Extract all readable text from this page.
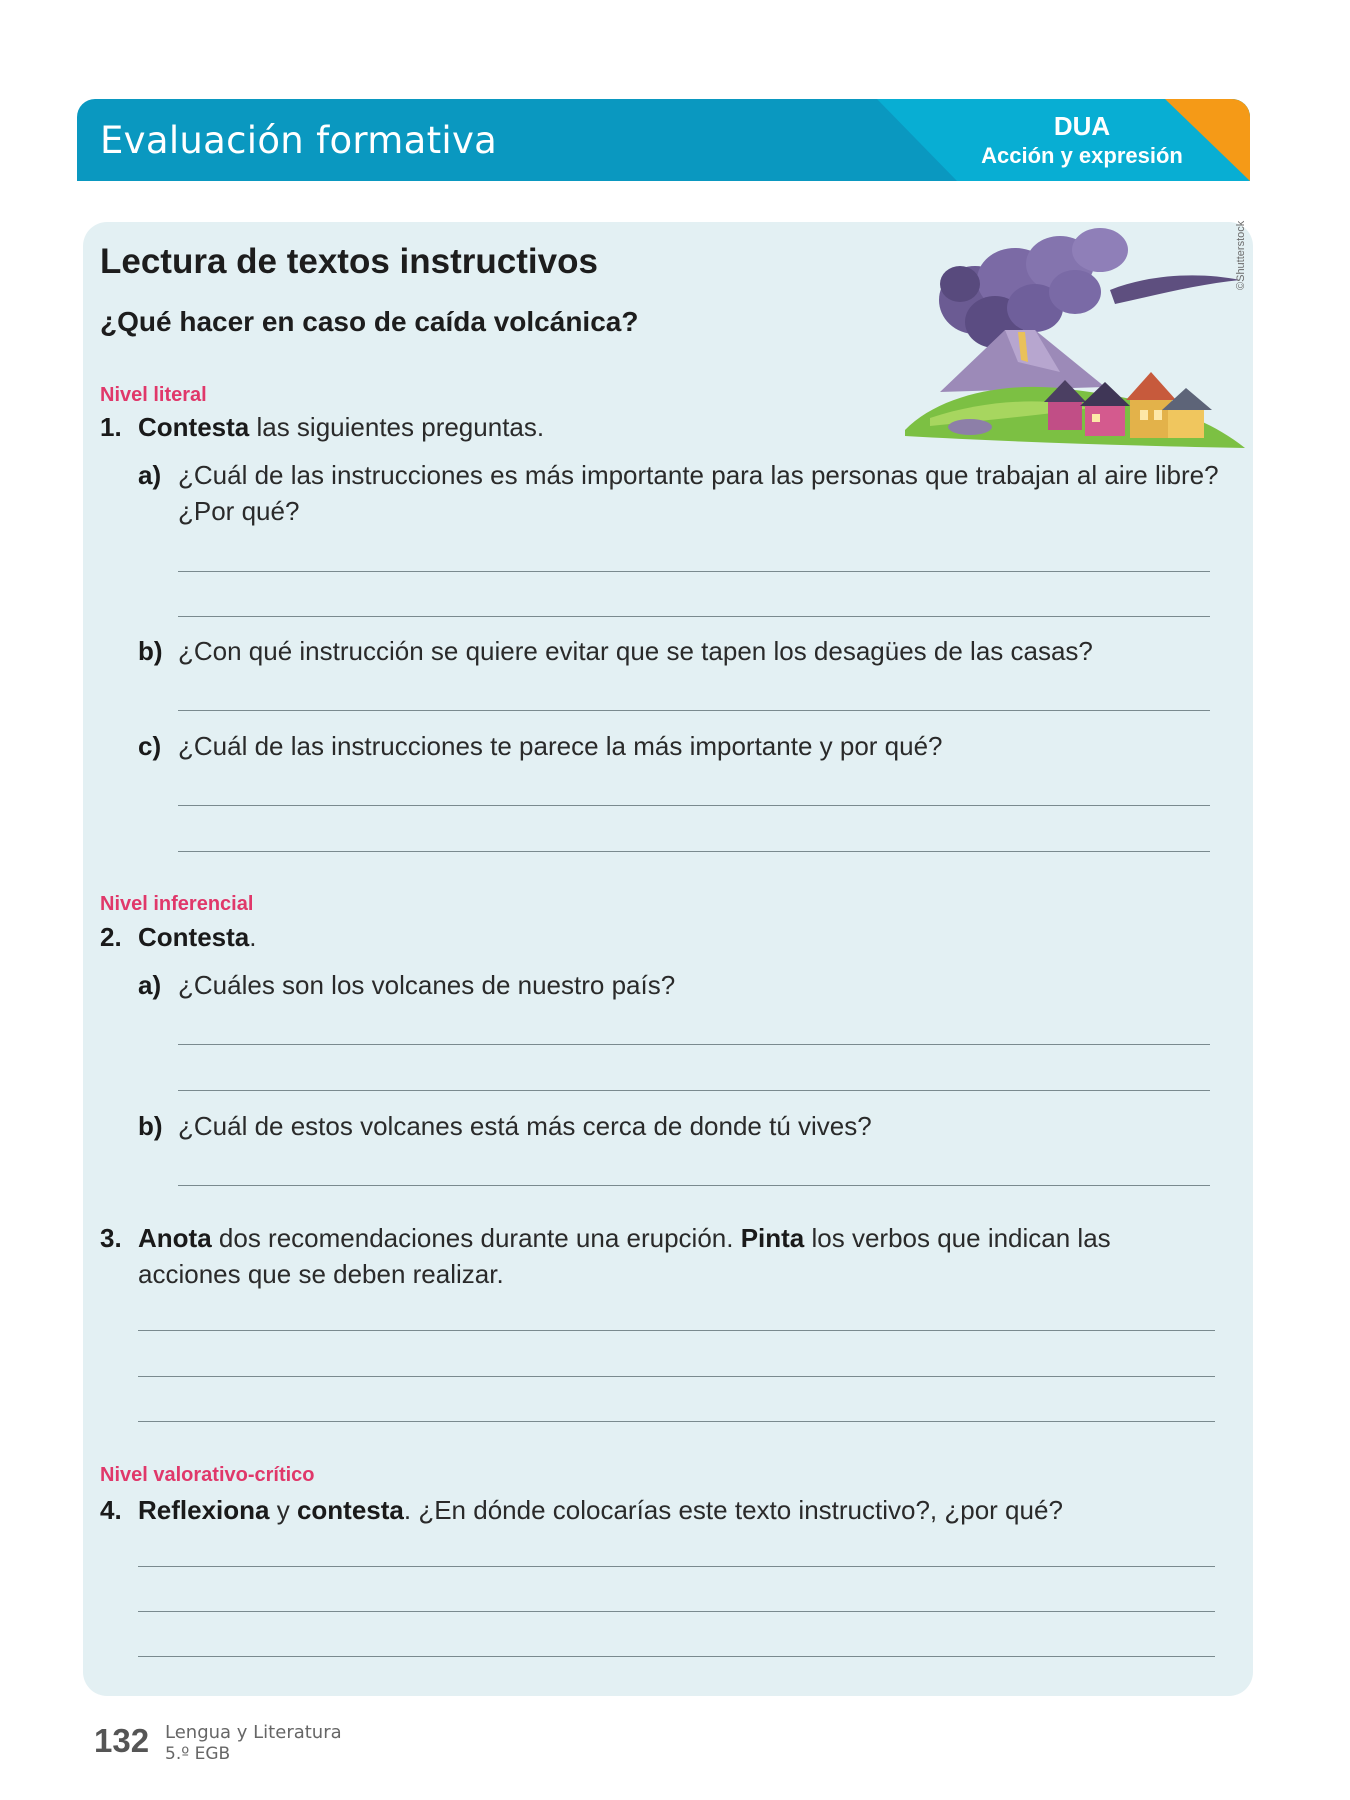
Evaluación formativa	DUA
Acción y expresión
Lectura de textos instructivos
¿Qué hacer en caso de caída volcánica?
©Shutterstock
Nivel literal
1. Contesta las siguientes preguntas.
a) ¿Cuál de las instrucciones es más importante para las personas que trabajan al aire libre?
¿Por qué?
b) ¿Con qué instrucción se quiere evitar que se tapen los desagües de las casas?
c) ¿Cuál de las instrucciones te parece la más importante y por qué?
Nivel inferencial
2. Contesta.
a) ¿Cuáles son los volcanes de nuestro país?
b) ¿Cuál de estos volcanes está más cerca de donde tú vives?
3. Anota dos recomendaciones durante una erupción. Pinta los verbos que indican las
acciones que se deben realizar.
Nivel valorativo-crítico
4. Reflexiona y contesta. ¿En dónde colocarías este texto instructivo?, ¿por qué?
132 Lengua y Literatura
5.º EGB
